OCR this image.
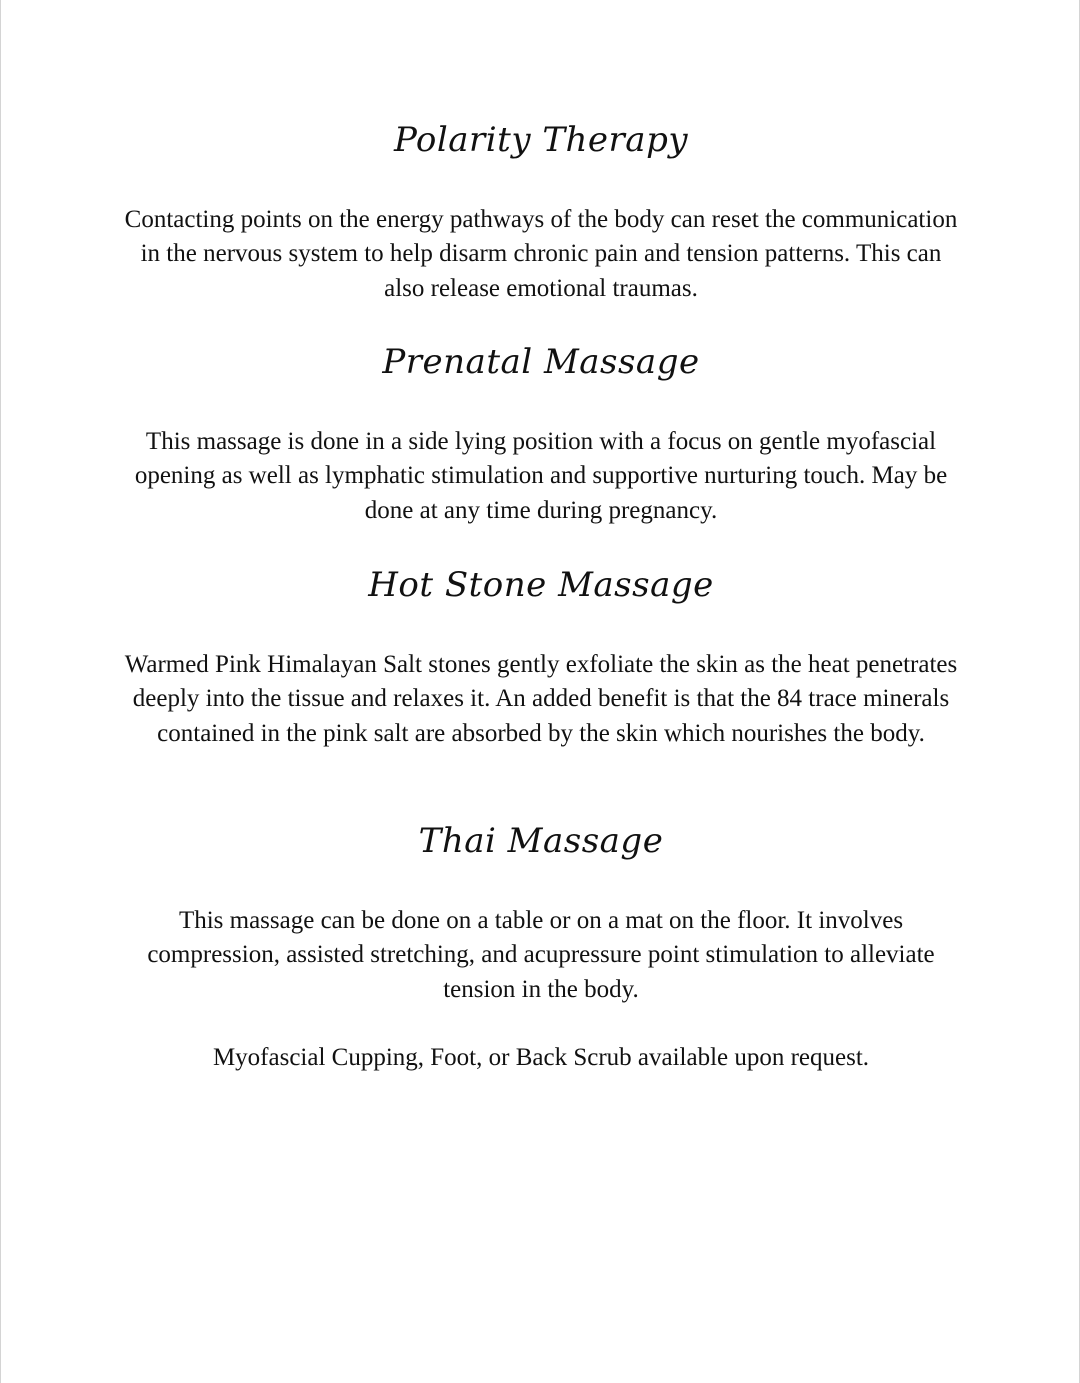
Polarity Therapy

Contacting points on the energy pathways of the body can reset the communication in the nervous system to help disarm chronic pain and tension patterns. This can also release emotional traumas.

Prenatal Massage

This massage is done in a side lying position with a focus on gentle myofascial opening as well as lymphatic stimulation and supportive nurturing touch. May be done at any time during pregnancy.

Hot Stone Massage

Warmed Pink Himalayan Salt stones gently exfoliate the skin as the heat penetrates deeply into the tissue and relaxes it. An added benefit is that the 84 trace minerals contained in the pink salt are absorbed by the skin which nourishes the body.

Thai Massage

This massage can be done on a table or on a mat on the floor. It involves compression, assisted stretching, and acupressure point stimulation to alleviate tension in the body.

Myofascial Cupping, Foot, or Back Scrub available upon request.
